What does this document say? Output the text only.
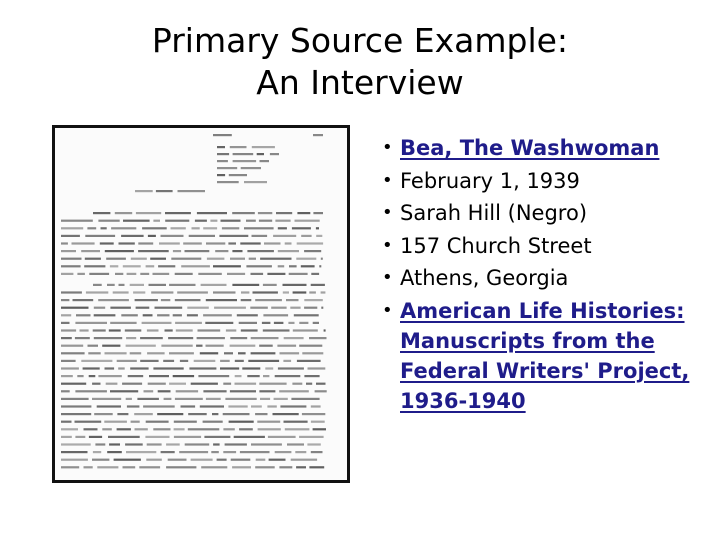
Primary Source Example:
An Interview
• Bea, The Washwoman
• February 1, 1939
• Sarah Hill (Negro)
• 157 Church Street
• Athens, Georgia
• American Life Histories: Manuscripts from the Federal Writers' Project, 1936-1940
